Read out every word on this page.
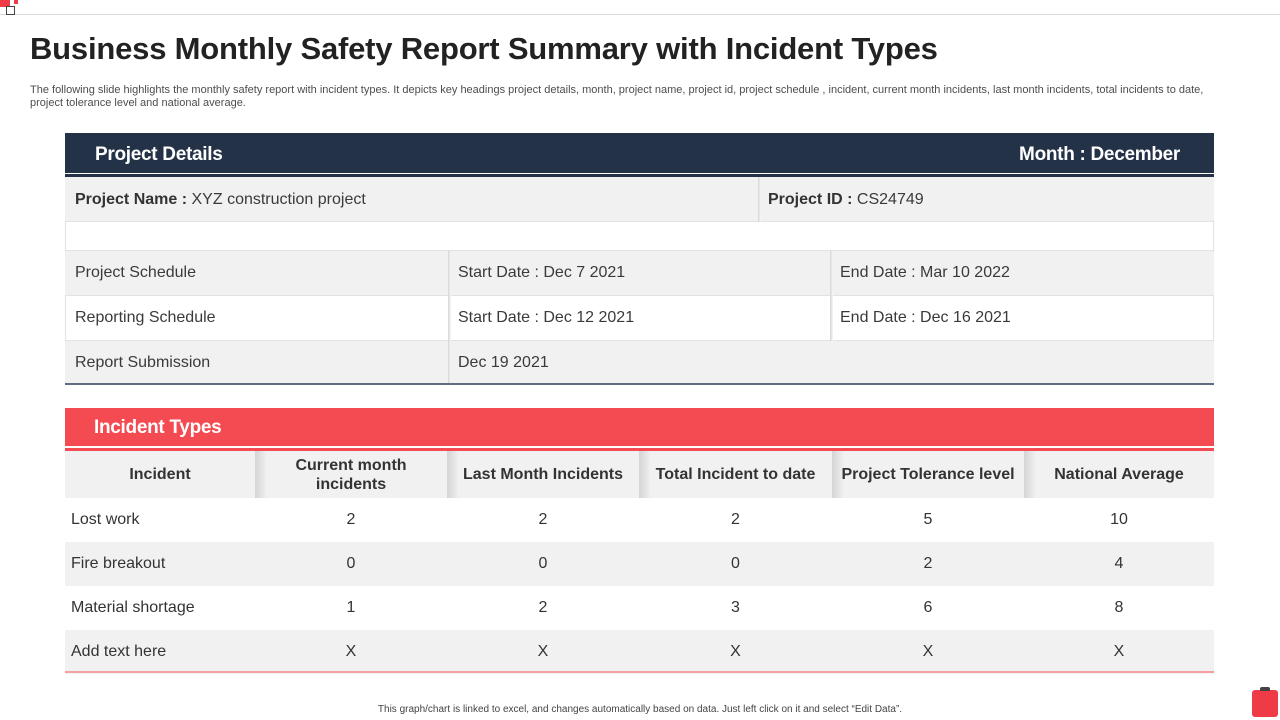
Business Monthly Safety Report Summary with Incident Types

The following slide highlights the monthly safety report with incident types. It depicts key headings project details, month, project name, project id, project schedule , incident, current month incidents, last month incidents, total incidents to date, project tolerance level and national average.

Project Details	Month : December
Project Name : XYZ construction project	Project ID : CS24749
Project Schedule	Start Date : Dec 7 2021	End Date : Mar 10 2022
Reporting Schedule	Start Date : Dec 12 2021	End Date : Dec 16 2021
Report Submission	Dec 19 2021
Incident Types
Incident	Current month incidents	Last Month Incidents	Total Incident to date	Project Tolerance level	National Average
Lost work	2	2	2	5	10
Fire breakout	0	0	0	2	4
Material shortage	1	2	3	6	8
Add text here	X	X	X	X	X
This graph/chart is linked to excel, and changes automatically based on data. Just left click on it and select “Edit Data”.
